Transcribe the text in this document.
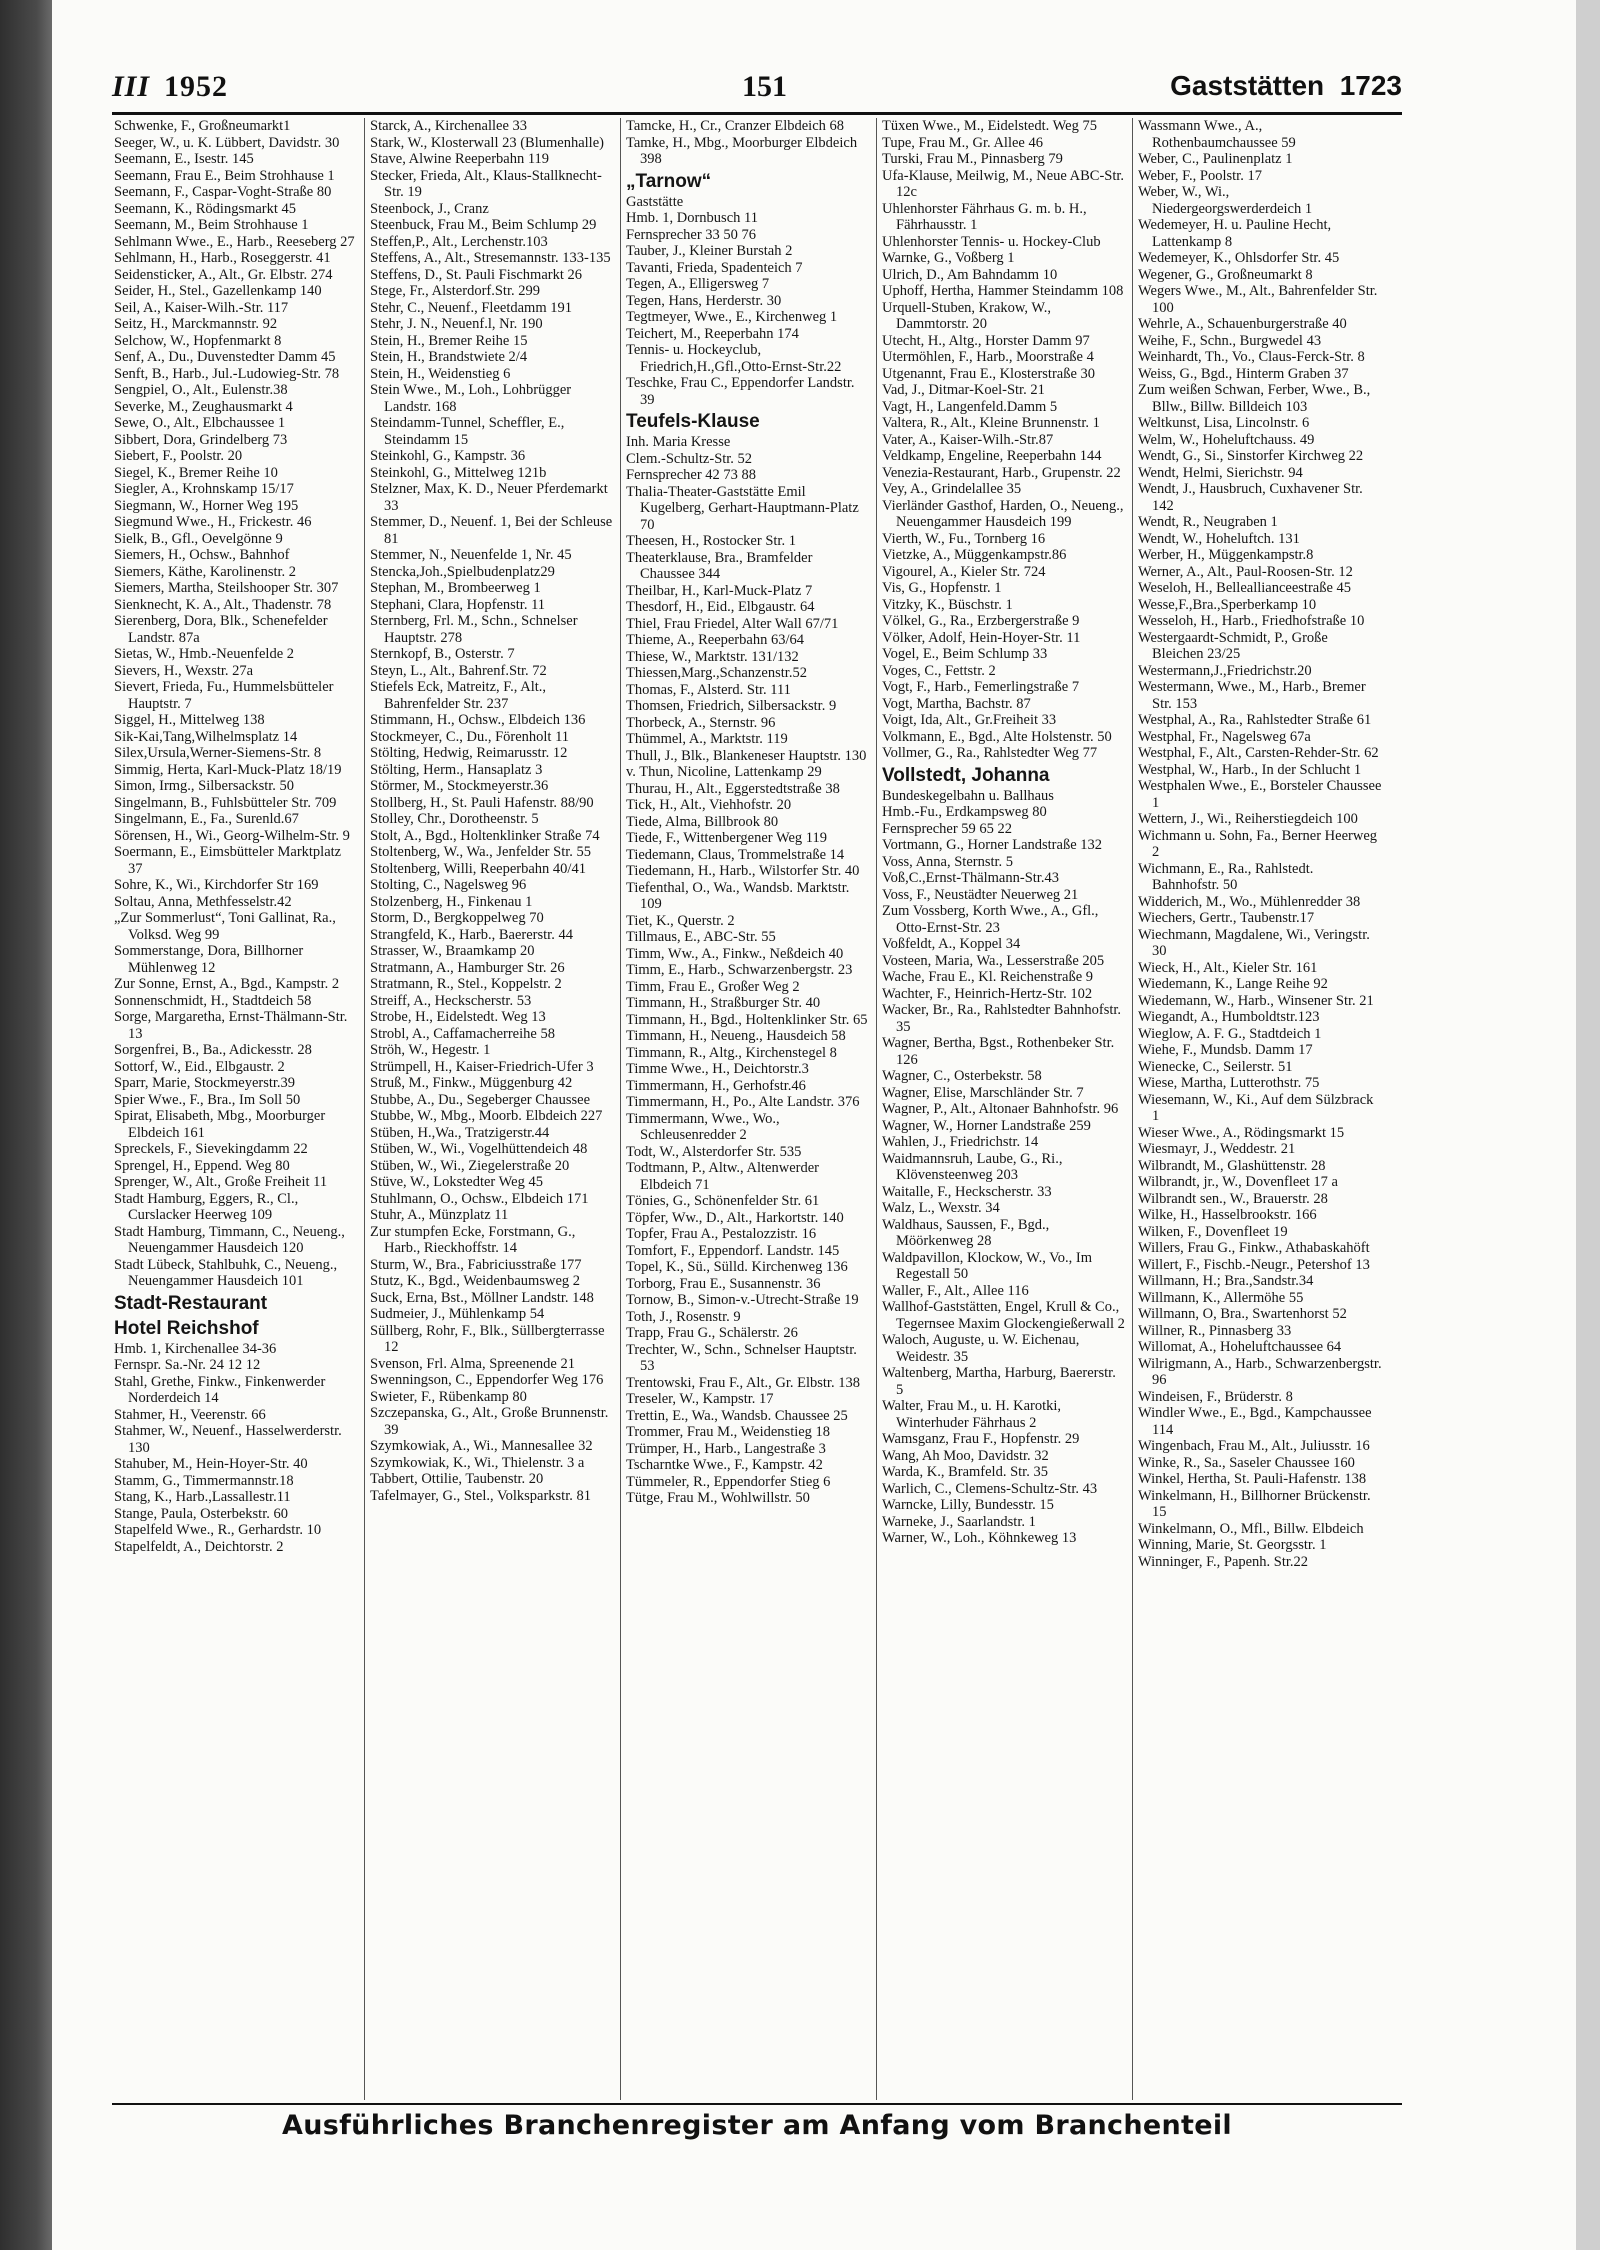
III 1952	151	Gaststätten 1723

Schwenke, F., Großneumarkt1

Seeger, W., u. K. Lübbert, Davidstr. 30

Seemann, E., Isestr. 145

Seemann, Frau E., Beim Strohhause 1

Seemann, F., Caspar-Voght-Straße 80

Seemann, K., Rödingsmarkt 45

Seemann, M., Beim Strohhause 1

Sehlmann Wwe., E., Harb., Reeseberg 27

Sehlmann, H., Harb., Roseggerstr. 41

Seidensticker, A., Alt., Gr. Elbstr. 274

Seider, H., Stel., Gazellenkamp 140

Seil, A., Kaiser-Wilh.-Str. 117

Seitz, H., Marckmannstr. 92

Selchow, W., Hopfenmarkt 8

Senf, A., Du., Duvenstedter Damm 45

Senft, B., Harb., Jul.-Ludowieg-Str. 78

Sengpiel, O., Alt., Eulenstr.38

Severke, M., Zeughausmarkt 4

Sewe, O., Alt., Elbchaussee 1

Sibbert, Dora, Grindelberg 73

Siebert, F., Poolstr. 20

Siegel, K., Bremer Reihe 10

Siegler, A., Krohnskamp 15/17

Siegmann, W., Horner Weg 195

Siegmund Wwe., H., Frickestr. 46

Sielk, B., Gfl., Oevelgönne 9

Siemers, H., Ochsw., Bahnhof

Siemers, Käthe, Karolinenstr. 2

Siemers, Martha, Steilshooper Str. 307

Sienknecht, K. A., Alt., Thadenstr. 78

Sierenberg, Dora, Blk., Schenefelder Landstr. 87a

Sietas, W., Hmb.-Neuenfelde 2

Sievers, H., Wexstr. 27a

Sievert, Frieda, Fu., Hummelsbütteler Hauptstr. 7

Siggel, H., Mittelweg 138

Sik-Kai,Tang,Wilhelmsplatz 14

Silex,Ursula,Werner-Siemens-Str. 8

Simmig, Herta, Karl-Muck-Platz 18/19

Simon, Irmg., Silbersackstr. 50

Singelmann, B., Fuhlsbütteler Str. 709

Singelmann, E., Fa., Surenld.67

Sörensen, H., Wi., Georg-Wilhelm-Str. 9

Soermann, E., Eimsbütteler Marktplatz 37

Sohre, K., Wi., Kirchdorfer Str 169

Soltau, Anna, Methfesselstr.42

„Zur Sommerlust“, Toni Gallinat, Ra., Volksd. Weg 99

Sommerstange, Dora, Billhorner Mühlenweg 12

Zur Sonne, Ernst, A., Bgd., Kampstr. 2

Sonnenschmidt, H., Stadtdeich 58

Sorge, Margaretha, Ernst-Thälmann-Str. 13

Sorgenfrei, B., Ba., Adickesstr. 28

Sottorf, W., Eid., Elbgaustr. 2

Sparr, Marie, Stockmeyerstr.39

Spier Wwe., F., Bra., Im Soll 50

Spirat, Elisabeth, Mbg., Moorburger Elbdeich 161

Spreckels, F., Sievekingdamm 22

Sprengel, H., Eppend. Weg 80

Sprenger, W., Alt., Große Freiheit 11

Stadt Hamburg, Eggers, R., Cl., Curslacker Heerweg 109

Stadt Hamburg, Timmann, C., Neueng., Neuengammer Hausdeich 120

Stadt Lübeck, Stahlbuhk, C., Neueng., Neuengammer Hausdeich 101

Stadt-Restaurant

Hotel Reichshof

Hmb. 1, Kirchenallee 34-36

Fernspr. Sa.-Nr. 24 12 12

Stahl, Grethe, Finkw., Finkenwerder Norderdeich 14

Stahmer, H., Veerenstr. 66

Stahmer, W., Neuenf., Hasselwerderstr. 130

Stahuber, M., Hein-Hoyer-Str. 40

Stamm, G., Timmermannstr.18

Stang, K., Harb.,Lassallestr.11

Stange, Paula, Osterbekstr. 60

Stapelfeld Wwe., R., Gerhardstr. 10

Stapelfeldt, A., Deichtorstr. 2

Starck, A., Kirchenallee 33

Stark, W., Klosterwall 23 (Blumenhalle)

Stave, Alwine Reeperbahn 119

Stecker, Frieda, Alt., Klaus-Stallknecht-Str. 19

Steenbock, J., Cranz

Steenbuck, Frau M., Beim Schlump 29

Steffen,P., Alt., Lerchenstr.103

Steffens, A., Alt., Stresemannstr. 133-135

Steffens, D., St. Pauli Fischmarkt 26

Stege, Fr., Alsterdorf.Str. 299

Stehr, C., Neuenf., Fleetdamm 191

Stehr, J. N., Neuenf.l, Nr. 190

Stein, H., Bremer Reihe 15

Stein, H., Brandstwiete 2/4

Stein, H., Weidenstieg 6

Stein Wwe., M., Loh., Lohbrügger Landstr. 168

Steindamm-Tunnel, Scheffler, E., Steindamm 15

Steinkohl, G., Kampstr. 36

Steinkohl, G., Mittelweg 121b

Stelzner, Max, K. D., Neuer Pferdemarkt 33

Stemmer, D., Neuenf. 1, Bei der Schleuse 81

Stemmer, N., Neuenfelde 1, Nr. 45

Stencka,Joh.,Spielbudenplatz29

Stephan, M., Brombeerweg 1

Stephani, Clara, Hopfenstr. 11

Sternberg, Frl. M., Schn., Schnelser Hauptstr. 278

Sternkopf, B., Osterstr. 7

Steyn, L., Alt., Bahrenf.Str. 72

Stiefels Eck, Matreitz, F., Alt., Bahrenfelder Str. 237

Stimmann, H., Ochsw., Elbdeich 136

Stockmeyer, C., Du., Förenholt 11

Stölting, Hedwig, Reimarusstr. 12

Stölting, Herm., Hansaplatz 3

Störmer, M., Stockmeyerstr.36

Stollberg, H., St. Pauli Hafenstr. 88/90

Stolley, Chr., Dorotheenstr. 5

Stolt, A., Bgd., Holtenklinker Straße 74

Stoltenberg, W., Wa., Jenfelder Str. 55

Stoltenberg, Willi, Reeperbahn 40/41

Stolting, C., Nagelsweg 96

Stolzenberg, H., Finkenau 1

Storm, D., Bergkoppelweg 70

Strangfeld, K., Harb., Baererstr. 44

Strasser, W., Braamkamp 20

Stratmann, A., Hamburger Str. 26

Stratmann, R., Stel., Koppelstr. 2

Streiff, A., Heckscherstr. 53

Strobe, H., Eidelstedt. Weg 13

Strobl, A., Caffamacherreihe 58

Ströh, W., Hegestr. 1

Strümpell, H., Kaiser-Friedrich-Ufer 3

Struß, M., Finkw., Müggenburg 42

Stubbe, A., Du., Segeberger Chaussee

Stubbe, W., Mbg., Moorb. Elbdeich 227

Stüben, H.,Wa., Tratzigerstr.44

Stüben, W., Wi., Vogelhüttendeich 48

Stüben, W., Wi., Ziegelerstraße 20

Stüve, W., Lokstedter Weg 45

Stuhlmann, O., Ochsw., Elbdeich 171

Stuhr, A., Münzplatz 11

Zur stumpfen Ecke, Forstmann, G., Harb., Rieckhoffstr. 14

Sturm, W., Bra., Fabriciusstraße 177

Stutz, K., Bgd., Weidenbaumsweg 2

Suck, Erna, Bst., Möllner Landstr. 148

Sudmeier, J., Mühlenkamp 54

Süllberg, Rohr, F., Blk., Süllbergterrasse 12

Svenson, Frl. Alma, Spreenende 21

Swenningson, C., Eppendorfer Weg 176

Swieter, F., Rübenkamp 80

Szczepanska, G., Alt., Große Brunnenstr. 39

Szymkowiak, A., Wi., Mannesallee 32

Szymkowiak, K., Wi., Thielenstr. 3 a

Tabbert, Ottilie, Taubenstr. 20

Tafelmayer, G., Stel., Volksparkstr. 81

Tamcke, H., Cr., Cranzer Elbdeich 68

Tamke, H., Mbg., Moorburger Elbdeich 398

„Tarnow“

Gaststätte

Hmb. 1, Dornbusch 11

Fernsprecher 33 50 76

Tauber, J., Kleiner Burstah 2

Tavanti, Frieda, Spadenteich 7

Tegen, A., Elligersweg 7

Tegen, Hans, Herderstr. 30

Tegtmeyer, Wwe., E., Kirchenweg 1

Teichert, M., Reeperbahn 174

Tennis- u. Hockeyclub, Friedrich,H.,Gfl.,Otto-Ernst-Str.22

Teschke, Frau C., Eppendorfer Landstr. 39

Teufels-Klause

Inh. Maria Kresse

Clem.-Schultz-Str. 52

Fernsprecher 42 73 88

Thalia-Theater-Gaststätte Emil Kugelberg, Gerhart-Hauptmann-Platz 70

Theesen, H., Rostocker Str. 1

Theaterklause, Bra., Bramfelder Chaussee 344

Theilbar, H., Karl-Muck-Platz 7

Thesdorf, H., Eid., Elbgaustr. 64

Thiel, Frau Friedel, Alter Wall 67/71

Thieme, A., Reeperbahn 63/64

Thiese, W., Marktstr. 131/132

Thiessen,Marg.,Schanzenstr.52

Thomas, F., Alsterd. Str. 111

Thomsen, Friedrich, Silbersackstr. 9

Thorbeck, A., Sternstr. 96

Thümmel, A., Marktstr. 119

Thull, J., Blk., Blankeneser Hauptstr. 130

v. Thun, Nicoline, Lattenkamp 29

Thurau, H., Alt., Eggerstedtstraße 38

Tick, H., Alt., Viehhofstr. 20

Tiede, Alma, Billbrook 80

Tiede, F., Wittenbergener Weg 119

Tiedemann, Claus, Trommelstraße 14

Tiedemann, H., Harb., Wilstorfer Str. 40

Tiefenthal, O., Wa., Wandsb. Marktstr. 109

Tiet, K., Querstr. 2

Tillmaus, E., ABC-Str. 55

Timm, Ww., A., Finkw., Neßdeich 40

Timm, E., Harb., Schwarzenbergstr. 23

Timm, Frau E., Großer Weg 2

Timmann, H., Straßburger Str. 40

Timmann, H., Bgd., Holtenklinker Str. 65

Timmann, H., Neueng., Hausdeich 58

Timmann, R., Altg., Kirchenstegel 8

Timme Wwe., H., Deichtorstr.3

Timmermann, H., Gerhofstr.46

Timmermann, H., Po., Alte Landstr. 376

Timmermann, Wwe., Wo., Schleusenredder 2

Todt, W., Alsterdorfer Str. 535

Todtmann, P., Altw., Altenwerder Elbdeich 71

Tönies, G., Schönenfelder Str. 61

Töpfer, Ww., D., Alt., Harkortstr. 140

Topfer, Frau A., Pestalozzistr. 16

Tomfort, F., Eppendorf. Landstr. 145

Topel, K., Sü., Sülld. Kirchenweg 136

Torborg, Frau E., Susannenstr. 36

Tornow, B., Simon-v.-Utrecht-Straße 19

Toth, J., Rosenstr. 9

Trapp, Frau G., Schälerstr. 26

Trechter, W., Schn., Schnelser Hauptstr. 53

Trentowski, Frau F., Alt., Gr. Elbstr. 138

Treseler, W., Kampstr. 17

Trettin, E., Wa., Wandsb. Chaussee 25

Trommer, Frau M., Weidenstieg 18

Trümper, H., Harb., Langestraße 3

Tscharntke Wwe., F., Kampstr. 42

Tümmeler, R., Eppendorfer Stieg 6

Tütge, Frau M., Wohlwillstr. 50

Tüxen Wwe., M., Eidelstedt. Weg 75

Tupe, Frau M., Gr. Allee 46

Turski, Frau M., Pinnasberg 79

Ufa-Klause, Meilwig, M., Neue ABC-Str. 12c

Uhlenhorster Fährhaus G. m. b. H., Fährhausstr. 1

Uhlenhorster Tennis- u. Hockey-Club

Warnke, G., Voßberg 1

Ulrich, D., Am Bahndamm 10

Uphoff, Hertha, Hammer Steindamm 108

Urquell-Stuben, Krakow, W., Dammtorstr. 20

Utecht, H., Altg., Horster Damm 97

Utermöhlen, F., Harb., Moorstraße 4

Utgenannt, Frau E., Klosterstraße 30

Vad, J., Ditmar-Koel-Str. 21

Vagt, H., Langenfeld.Damm 5

Valtera, R., Alt., Kleine Brunnenstr. 1

Vater, A., Kaiser-Wilh.-Str.87

Veldkamp, Engeline, Reeperbahn 144

Venezia-Restaurant, Harb., Grupenstr. 22

Vey, A., Grindelallee 35

Vierländer Gasthof, Harden, O., Neueng., Neuengammer Hausdeich 199

Vierth, W., Fu., Tornberg 16

Vietzke, A., Müggenkampstr.86

Vigourel, A., Kieler Str. 724

Vis, G., Hopfenstr. 1

Vitzky, K., Büschstr. 1

Völkel, G., Ra., Erzbergerstraße 9

Völker, Adolf, Hein-Hoyer-Str. 11

Vogel, E., Beim Schlump 33

Voges, C., Fettstr. 2

Vogt, F., Harb., Femerlingstraße 7

Vogt, Martha, Bachstr. 87

Voigt, Ida, Alt., Gr.Freiheit 33

Volkmann, E., Bgd., Alte Holstenstr. 50

Vollmer, G., Ra., Rahlstedter Weg 77

Vollstedt, Johanna

Bundeskegelbahn u. Ballhaus

Hmb.-Fu., Erdkampsweg 80

Fernsprecher 59 65 22

Vortmann, G., Horner Landstraße 132

Voss, Anna, Sternstr. 5

Voß,C.,Ernst-Thälmann-Str.43

Voss, F., Neustädter Neuerweg 21

Zum Vossberg, Korth Wwe., A., Gfl., Otto-Ernst-Str. 23

Voßfeldt, A., Koppel 34

Vosteen, Maria, Wa., Lesserstraße 205

Wache, Frau E., Kl. Reichenstraße 9

Wachter, F., Heinrich-Hertz-Str. 102

Wacker, Br., Ra., Rahlstedter Bahnhofstr. 35

Wagner, Bertha, Bgst., Rothenbeker Str. 126

Wagner, C., Osterbekstr. 58

Wagner, Elise, Marschländer Str. 7

Wagner, P., Alt., Altonaer Bahnhofstr. 96

Wagner, W., Horner Landstraße 259

Wahlen, J., Friedrichstr. 14

Waidmannsruh, Laube, G., Ri., Klövensteenweg 203

Waitalle, F., Heckscherstr. 33

Walz, L., Wexstr. 34

Waldhaus, Saussen, F., Bgd., Möörkenweg 28

Waldpavillon, Klockow, W., Vo., Im Regestall 50

Waller, F., Alt., Allee 116

Wallhof-Gaststätten, Engel, Krull & Co., Tegernsee Maxim Glockengießerwall 2

Waloch, Auguste, u. W. Eichenau, Weidestr. 35

Waltenberg, Martha, Harburg, Baererstr. 5

Walter, Frau M., u. H. Karotki, Winterhuder Fährhaus 2

Wamsganz, Frau F., Hopfenstr. 29

Wang, Ah Moo, Davidstr. 32

Warda, K., Bramfeld. Str. 35

Warlich, C., Clemens-Schultz-Str. 43

Warncke, Lilly, Bundesstr. 15

Warneke, J., Saarlandstr. 1

Warner, W., Loh., Köhnkeweg 13

Wassmann Wwe., A., Rothenbaumchaussee 59

Weber, C., Paulinenplatz 1

Weber, F., Poolstr. 17

Weber, W., Wi., Niedergeorgswerderdeich 1

Wedemeyer, H. u. Pauline Hecht, Lattenkamp 8

Wedemeyer, K., Ohlsdorfer Str. 45

Wegener, G., Großneumarkt 8

Wegers Wwe., M., Alt., Bahrenfelder Str. 100

Wehrle, A., Schauenburgerstraße 40

Weihe, F., Schn., Burgwedel 43

Weinhardt, Th., Vo., Claus-Ferck-Str. 8

Weiss, G., Bgd., Hinterm Graben 37

Zum weißen Schwan, Ferber, Wwe., B., Bllw., Billw. Billdeich 103

Weltkunst, Lisa, Lincolnstr. 6

Welm, W., Hoheluftchauss. 49

Wendt, G., Si., Sinstorfer Kirchweg 22

Wendt, Helmi, Sierichstr. 94

Wendt, J., Hausbruch, Cuxhavener Str. 142

Wendt, R., Neugraben 1

Wendt, W., Hoheluftch. 131

Werber, H., Müggenkampstr.8

Werner, A., Alt., Paul-Roosen-Str. 12

Weseloh, H., Belleallianceestraße 45

Wesse,F.,Bra.,Sperberkamp 10

Wesseloh, H., Harb., Friedhofstraße 10

Westergaardt-Schmidt, P., Große Bleichen 23/25

Westermann,J.,Friedrichstr.20

Westermann, Wwe., M., Harb., Bremer Str. 153

Westphal, A., Ra., Rahlstedter Straße 61

Westphal, Fr., Nagelsweg 67a

Westphal, F., Alt., Carsten-Rehder-Str. 62

Westphal, W., Harb., In der Schlucht 1

Westphalen Wwe., E., Borsteler Chaussee 1

Wettern, J., Wi., Reiherstiegdeich 100

Wichmann u. Sohn, Fa., Berner Heerweg 2

Wichmann, E., Ra., Rahlstedt. Bahnhofstr. 50

Widderich, M., Wo., Mühlenredder 38

Wiechers, Gertr., Taubenstr.17

Wiechmann, Magdalene, Wi., Veringstr. 30

Wieck, H., Alt., Kieler Str. 161

Wiedemann, K., Lange Reihe 92

Wiedemann, W., Harb., Winsener Str. 21

Wiegandt, A., Humboldtstr.123

Wieglow, A. F. G., Stadtdeich 1

Wiehe, F., Mundsb. Damm 17

Wienecke, C., Seilerstr. 51

Wiese, Martha, Lutterothstr. 75

Wiesemann, W., Ki., Auf dem Sülzbrack 1

Wieser Wwe., A., Rödingsmarkt 15

Wiesmayr, J., Weddestr. 21

Wilbrandt, M., Glashüttenstr. 28

Wilbrandt, jr., W., Dovenfleet 17 a

Wilbrandt sen., W., Brauerstr. 28

Wilke, H., Hasselbrookstr. 166

Wilken, F., Dovenfleet 19

Willers, Frau G., Finkw., Athabaskahöft

Willert, F., Fischb.-Neugr., Petershof 13

Willmann, H.; Bra.,Sandstr.34

Willmann, K., Allermöhe 55

Willmann, O, Bra., Swartenhorst 52

Willner, R., Pinnasberg 33

Willomat, A., Hoheluftchaussee 64

Wilrigmann, A., Harb., Schwarzenbergstr. 96

Windeisen, F., Brüderstr. 8

Windler Wwe., E., Bgd., Kampchaussee 114

Wingenbach, Frau M., Alt., Juliusstr. 16

Winke, R., Sa., Saseler Chaussee 160

Winkel, Hertha, St. Pauli-Hafenstr. 138

Winkelmann, H., Billhorner Brückenstr. 15

Winkelmann, O., Mfl., Billw. Elbdeich

Winning, Marie, St. Georgsstr. 1

Winninger, F., Papenh. Str.22

Ausführliches Branchenregister am Anfang vom Branchenteil
